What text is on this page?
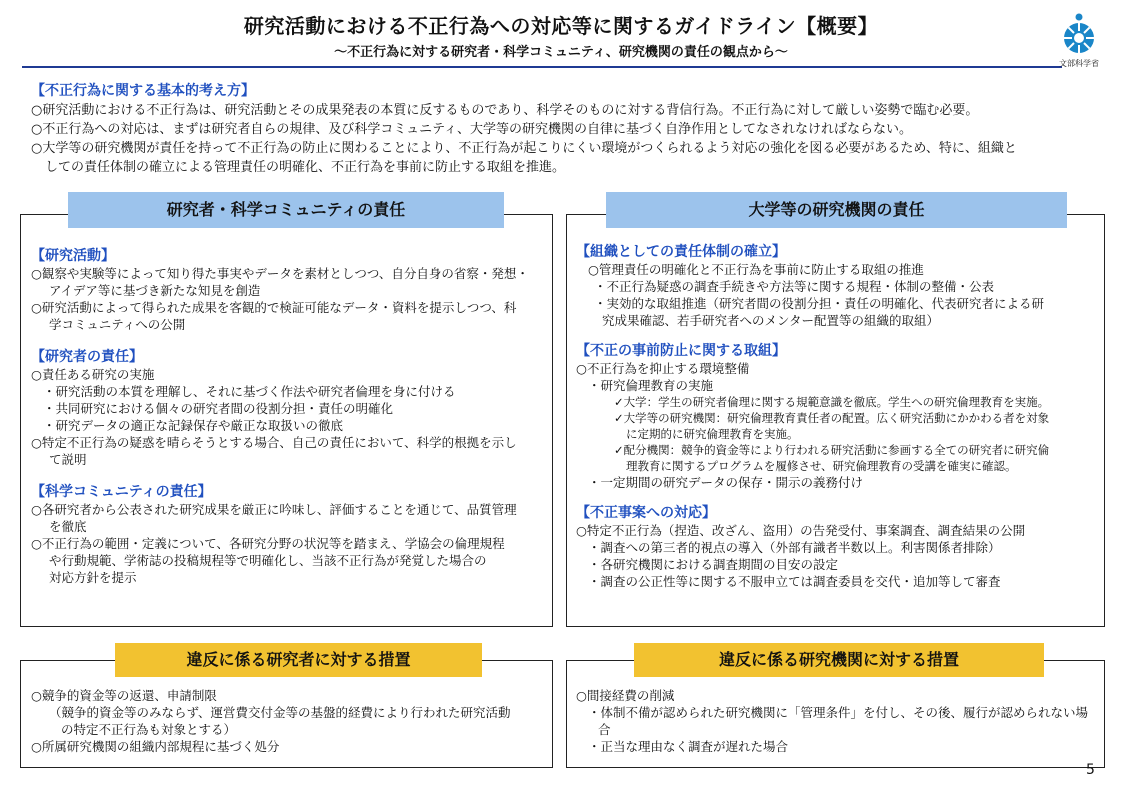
研究活動における不正行為への対応等に関するガイドライン【概要】
～不正行為に対する研究者・科学コミュニティ、研究機関の責任の観点から～
文部科学省
【不正行為に関する基本的考え方】
○研究活動における不正行為は、研究活動とその成果発表の本質に反するものであり、科学そのものに対する背信行為。不正行為に対して厳しい姿勢で臨む必要。
○不正行為への対応は、まずは研究者自らの規律、及び科学コミュニティ、大学等の研究機関の自律に基づく自浄作用としてなされなければならない。
○大学等の研究機関が責任を持って不正行為の防止に関わることにより、不正行為が起こりにくい環境がつくられるよう対応の強化を図る必要があるため、特に、組織と
しての責任体制の確立による管理責任の明確化、不正行為を事前に防止する取組を推進。
研究者・科学コミュニティの責任
【研究活動】
○観察や実験等によって知り得た事実やデータを素材としつつ、自分自身の省察・発想・
アイデア等に基づき新たな知見を創造
○研究活動によって得られた成果を客観的で検証可能なデータ・資料を提示しつつ、科
学コミュニティへの公開
【研究者の責任】
○責任ある研究の実施
・研究活動の本質を理解し、それに基づく作法や研究者倫理を身に付ける
・共同研究における個々の研究者間の役割分担・責任の明確化
・研究データの適正な記録保存や厳正な取扱いの徹底
○特定不正行為の疑惑を晴らそうとする場合、自己の責任において、科学的根拠を示し
て説明
【科学コミュニティの責任】
○各研究者から公表された研究成果を厳正に吟味し、評価することを通じて、品質管理
を徹底
○不正行為の範囲・定義について、各研究分野の状況等を踏まえ、学協会の倫理規程
や行動規範、学術誌の投稿規程等で明確化し、当該不正行為が発覚した場合の
対応方針を提示
大学等の研究機関の責任
【組織としての責任体制の確立】
○管理責任の明確化と不正行為を事前に防止する取組の推進
・不正行為疑惑の調査手続きや方法等に関する規程・体制の整備・公表
・実効的な取組推進（研究者間の役割分担・責任の明確化、代表研究者による研
究成果確認、若手研究者へのメンター配置等の組織的取組）
【不正の事前防止に関する取組】
○不正行為を抑止する環境整備
・研究倫理教育の実施
✓大学：学生の研究者倫理に関する規範意識を徹底。学生への研究倫理教育を実施。
✓大学等の研究機関：研究倫理教育責任者の配置。広く研究活動にかかわる者を対象
に定期的に研究倫理教育を実施。
✓配分機関：競争的資金等により行われる研究活動に参画する全ての研究者に研究倫
理教育に関するプログラムを履修させ、研究倫理教育の受講を確実に確認。
・一定期間の研究データの保存・開示の義務付け
【不正事案への対応】
○特定不正行為（捏造、改ざん、盗用）の告発受付、事案調査、調査結果の公開
・調査への第三者的視点の導入（外部有識者半数以上。利害関係者排除）
・各研究機関における調査期間の目安の設定
・調査の公正性等に関する不服申立ては調査委員を交代・追加等して審査
違反に係る研究者に対する措置
○競争的資金等の返還、申請制限
（競争的資金等のみならず、運営費交付金等の基盤的経費により行われた研究活動
の特定不正行為も対象とする）
○所属研究機関の組織内部規程に基づく処分
違反に係る研究機関に対する措置
○間接経費の削減
・体制不備が認められた研究機関に「管理条件」を付し、その後、履行が認められない場
合
・正当な理由なく調査が遅れた場合
5
